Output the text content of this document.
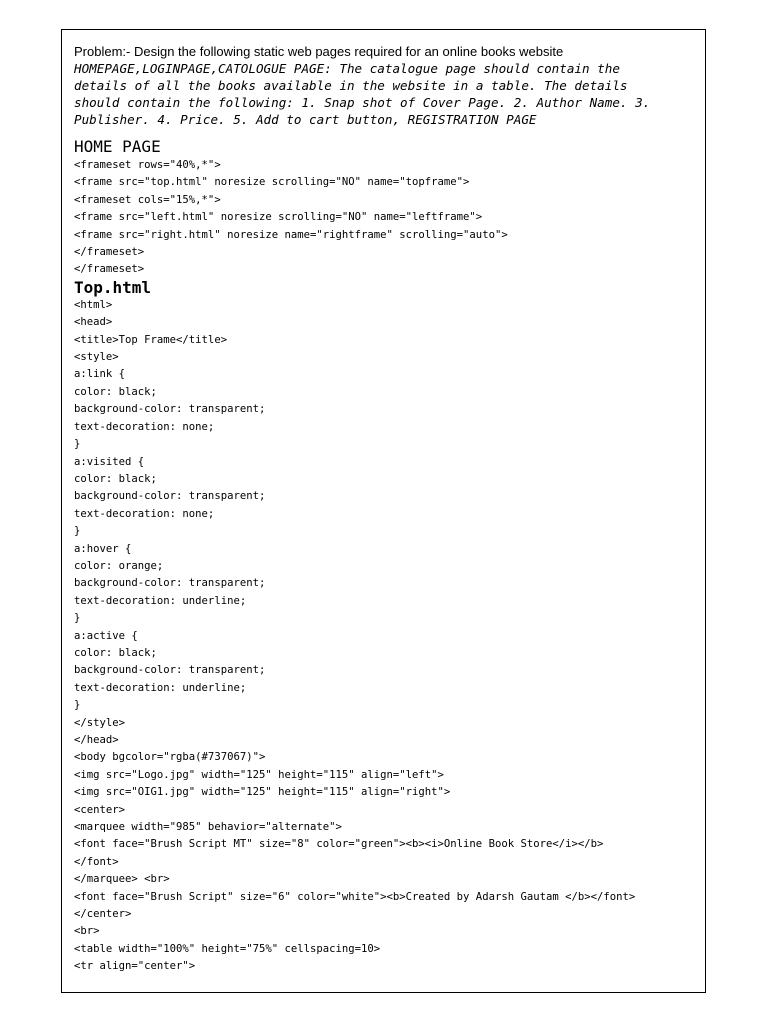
Problem:- Design the following static web pages required for an online books website

HOMEPAGE,LOGINPAGE,CATOLOGUE PAGE: The catalogue page should contain the

details of all the books available in the website in a table. The details

should contain the following: 1. Snap shot of Cover Page. 2. Author Name. 3.

Publisher. 4. Price. 5. Add to cart button, REGISTRATION PAGE

HOME PAGE

<frameset rows="40%,*">

<frame src="top.html" noresize scrolling="NO" name="topframe">

<frameset cols="15%,*">

<frame src="left.html" noresize scrolling="NO" name="leftframe">

<frame src="right.html" noresize name="rightframe" scrolling="auto">

</frameset>

</frameset>

Top.html

<html>

<head>

<title>Top Frame</title>

<style>

a:link {

color: black;

background-color: transparent;

text-decoration: none;

}

a:visited {

color: black;

background-color: transparent;

text-decoration: none;

}

a:hover {

color: orange;

background-color: transparent;

text-decoration: underline;

}

a:active {

color: black;

background-color: transparent;

text-decoration: underline;

}

</style>

</head>

<body bgcolor="rgba(#737067)">

<img src="Logo.jpg" width="125" height="115" align="left">

<img src="OIG1.jpg" width="125" height="115" align="right">

<center>

<marquee width="985" behavior="alternate">

<font face="Brush Script MT" size="8" color="green"><b><i>Online Book Store</i></b>

</font>

</marquee> <br>

<font face="Brush Script" size="6" color="white"><b>Created by Adarsh Gautam </b></font>

</center>

<br>

<table width="100%" height="75%" cellspacing=10>

<tr align="center">
